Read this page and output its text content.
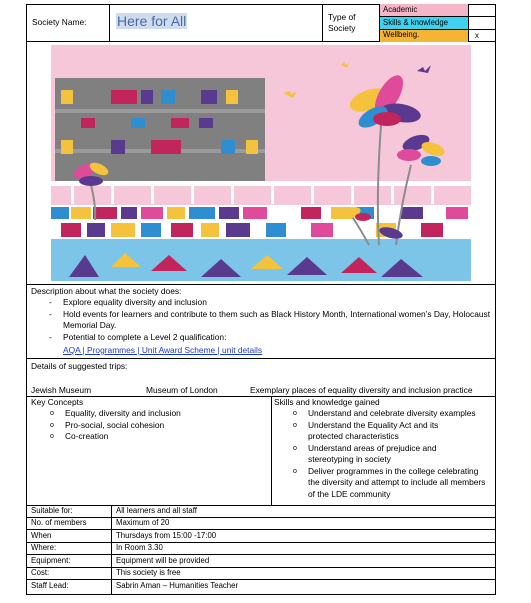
Society Name: Here for All	Type of
Society
Academic
Skills & knowledge
Wellbeing.	x
Description about what the society does:
- Explore equality diversity and inclusion
- Hold events for learners and contribute to them such as Black History Month, International women’s Day, Holocaust Memorial Day.
- Potential to complete a Level 2 qualification:
AQA | Programmes | Unit Award Scheme | unit details
Details of suggested trips:
Jewish Museum	Museum of London	Exemplary places of equality diversity and inclusion practice
Key Concepts
o Equality, diversity and inclusion
o Pro-social, social cohesion
o Co-creation
Skills and knowledge gained
o Understand and celebrate diversity examples
o Understand the Equality Act and its protected characteristics
o Understand areas of prejudice and stereotyping in society
o Deliver programmes in the college celebrating the diversity and attempt to include all members of the LDE community
Suitable for:	All learners and all staff
No. of members	Maximum of 20
When	Thursdays from 15:00 -17:00
Where:	In Room 3.30
Equipment:	Equipment will be provided
Cost:	This society is free
Staff Lead:	Sabrin Aman – Humanities Teacher
